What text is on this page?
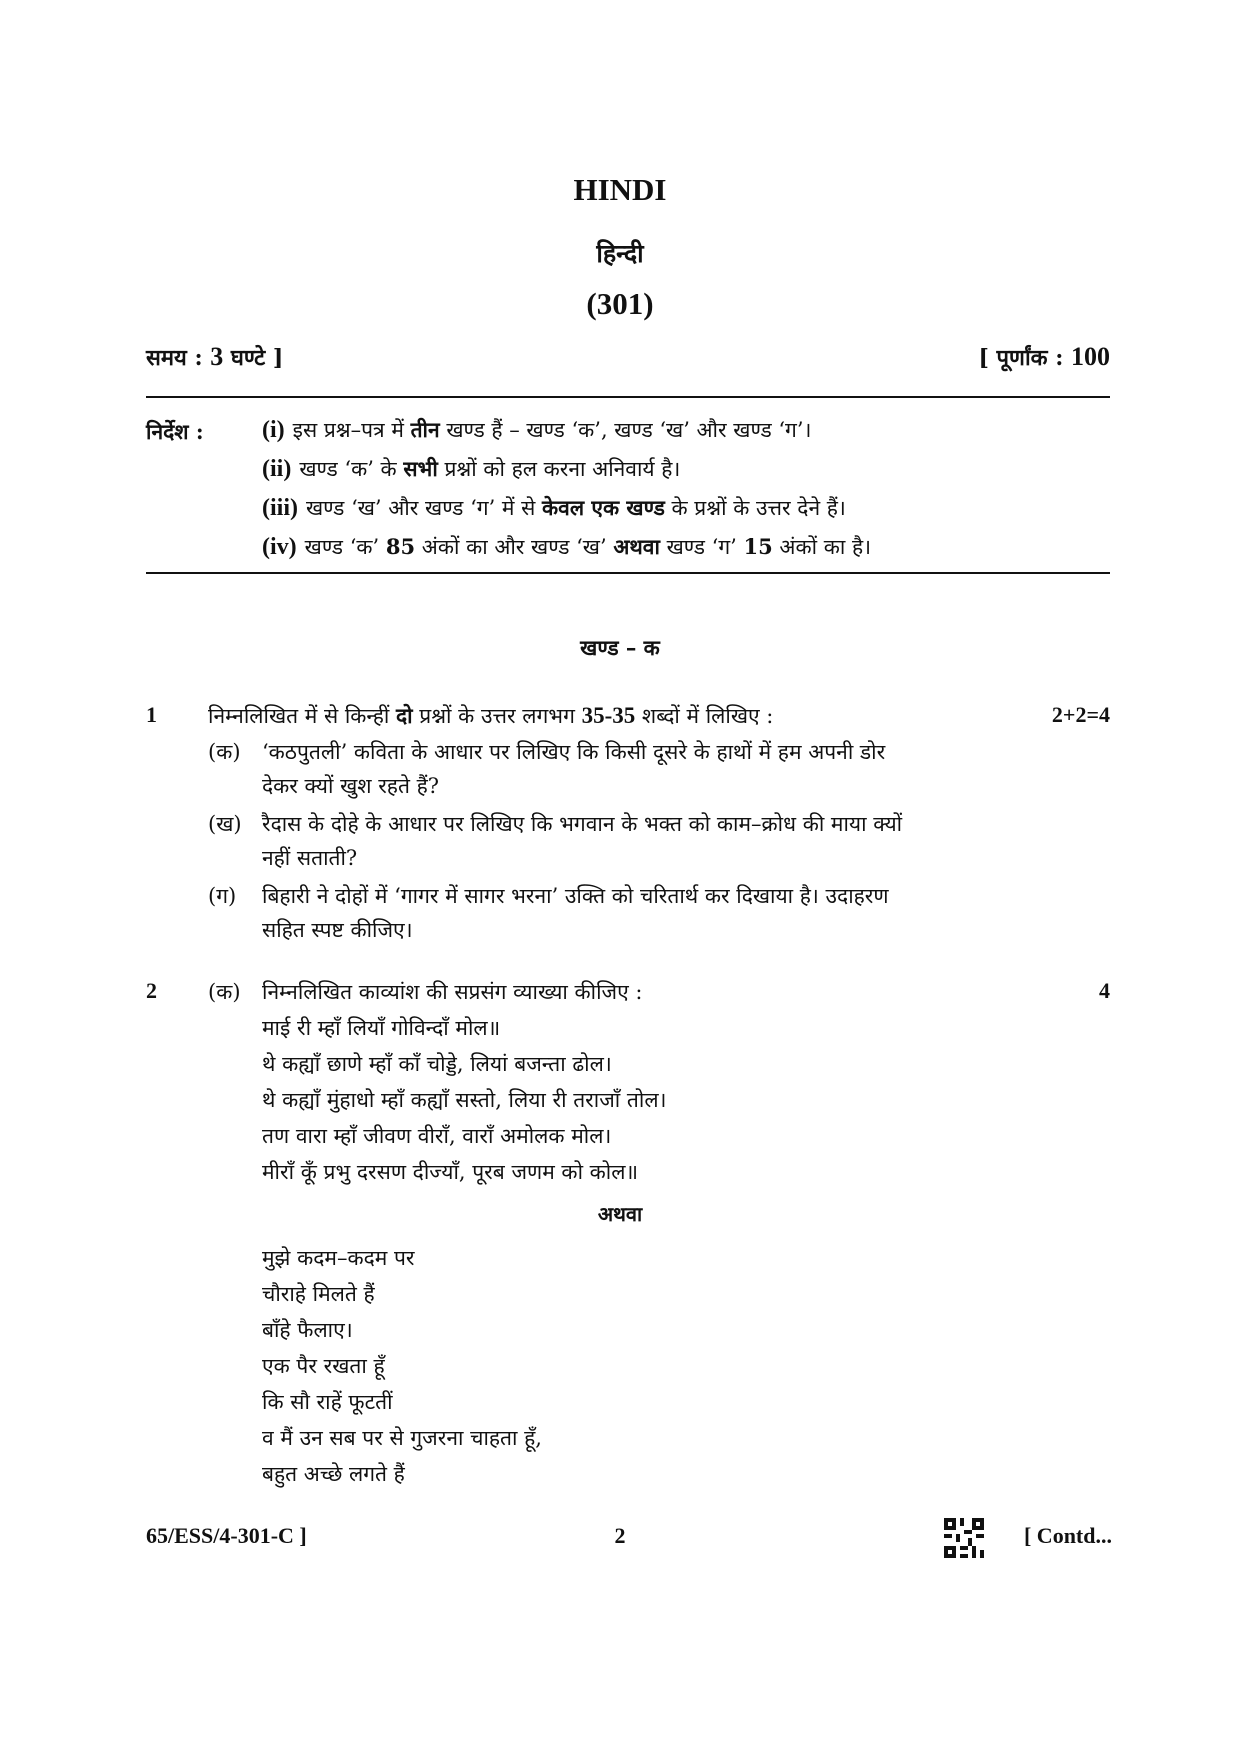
HINDI
हिन्दी
(301)
समय : 3 घण्टे ]	[ पूर्णांक : 100
निर्देश : (i) इस प्रश्न–पत्र में तीन खण्ड हैं – खण्ड ‘क’, खण्ड ‘ख’ और खण्ड ‘ग’।
(ii) खण्ड ‘क’ के सभी प्रश्नों को हल करना अनिवार्य है।
(iii) खण्ड ‘ख’ और खण्ड ‘ग’ में से केवल एक खण्ड के प्रश्नों के उत्तर देने हैं।
(iv) खण्ड ‘क’ 85 अंकों का और खण्ड ‘ख’ अथवा खण्ड ‘ग’ 15 अंकों का है।
खण्ड – क
1 निम्नलिखित में से किन्हीं दो प्रश्नों के उत्तर लगभग 35-35 शब्दों में लिखिए :	2+2=4
(क) ‘कठपुतली’ कविता के आधार पर लिखिए कि किसी दूसरे के हाथों में हम अपनी डोर
देकर क्यों खुश रहते हैं?
(ख) रैदास के दोहे के आधार पर लिखिए कि भगवान के भक्त को काम–क्रोध की माया क्यों
नहीं सताती?
(ग) बिहारी ने दोहों में ‘गागर में सागर भरना’ उक्ति को चरितार्थ कर दिखाया है। उदाहरण
सहित स्पष्ट कीजिए।
2 (क) निम्नलिखित काव्यांश की सप्रसंग व्याख्या कीजिए :	4
माई री म्हाँ लियाँ गोविन्दाँ मोल॥
थे कह्याँ छाणे म्हाँ काँ चोड्डे, लियां बजन्ता ढोल।
थे कह्याँ मुंहाधो म्हाँ कह्याँ सस्तो, लिया री तराजाँ तोल।
तण वारा म्हाँ जीवण वीराँ, वाराँ अमोलक मोल।
मीराँ कूँ प्रभु दरसण दीज्याँ, पूरब जणम को कोल॥
अथवा
मुझे कदम–कदम पर
चौराहे मिलते हैं
बाँहे फैलाए।
एक पैर रखता हूँ
कि सौ राहें फूटतीं
व मैं उन सब पर से गुजरना चाहता हूँ,
बहुत अच्छे लगते हैं
65/ESS/4-301-C ]	2	[ Contd...
